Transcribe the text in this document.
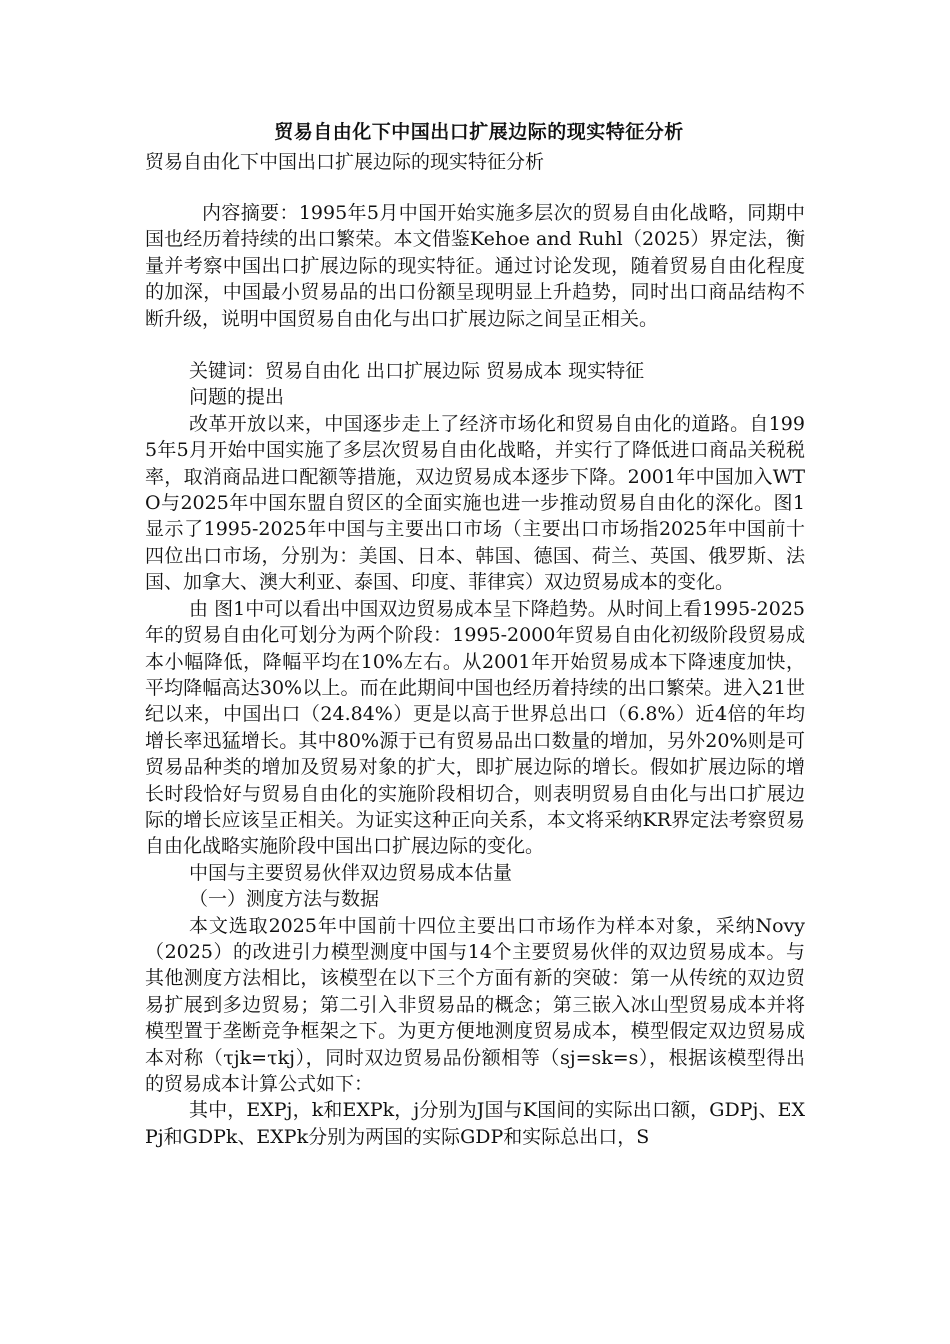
贸易自由化下中国出口扩展边际的现实特征分析

贸易自由化下中国出口扩展边际的现实特征分析

内容摘要：1995年5月中国开始实施多层次的贸易自由化战略，同期中国也经历着持续的出口繁荣。本文借鉴Kehoe and Ruhl（2025）界定法，衡量并考察中国出口扩展边际的现实特征。通过讨论发现，随着贸易自由化程度的加深，中国最小贸易品的出口份额呈现明显上升趋势，同时出口商品结构不断升级，说明中国贸易自由化与出口扩展边际之间呈正相关。

关键词：贸易自由化 出口扩展边际 贸易成本 现实特征

问题的提出

改革开放以来，中国逐步走上了经济市场化和贸易自由化的道路。自1995年5月开始中国实施了多层次贸易自由化战略，并实行了降低进口商品关税税率，取消商品进口配额等措施，双边贸易成本逐步下降。2001年中国加入WTO与2025年中国东盟自贸区的全面实施也进一步推动贸易自由化的深化。图1显示了1995-2025年中国与主要出口市场（主要出口市场指2025年中国前十四位出口市场，分别为：美国、日本、韩国、德国、荷兰、英国、俄罗斯、法国、加拿大、澳大利亚、泰国、印度、菲律宾）双边贸易成本的变化。

由 图1中可以看出中国双边贸易成本呈下降趋势。从时间上看1995-2025年的贸易自由化可划分为两个阶段：1995-2000年贸易自由化初级阶段贸易成本小幅降低，降幅平均在10%左右。从2001年开始贸易成本下降速度加快，平均降幅高达30%以上。而在此期间中国也经历着持续的出口繁荣。进入21世纪以来，中国出口（24.84%）更是以高于世界总出口（6.8%）近4倍的年均增长率迅猛增长。其中80%源于已有贸易品出口数量的增加，另外20%则是可贸易品种类的增加及贸易对象的扩大，即扩展边际的增长。假如扩展边际的增长时段恰好与贸易自由化的实施阶段相切合，则表明贸易自由化与出口扩展边际的增长应该呈正相关。为证实这种正向关系，本文将采纳KR界定法考察贸易自由化战略实施阶段中国出口扩展边际的变化。

中国与主要贸易伙伴双边贸易成本估量

（一）测度方法与数据

本文选取2025年中国前十四位主要出口市场作为样本对象，采纳Novy（2025）的改进引力模型测度中国与14个主要贸易伙伴的双边贸易成本。与其他测度方法相比，该模型在以下三个方面有新的突破：第一从传统的双边贸易扩展到多边贸易；第二引入非贸易品的概念；第三嵌入冰山型贸易成本并将模型置于垄断竞争框架之下。为更方便地测度贸易成本，模型假定双边贸易成本对称（τjk=τkj），同时双边贸易品份额相等（sj=sk=s），根据该模型得出的贸易成本计算公式如下：

其中，EXPj，k和EXPk，j分别为J国与K国间的实际出口额，GDPj、EXPj和GDPk、EXPk分别为两国的实际GDP和实际总出口，S
